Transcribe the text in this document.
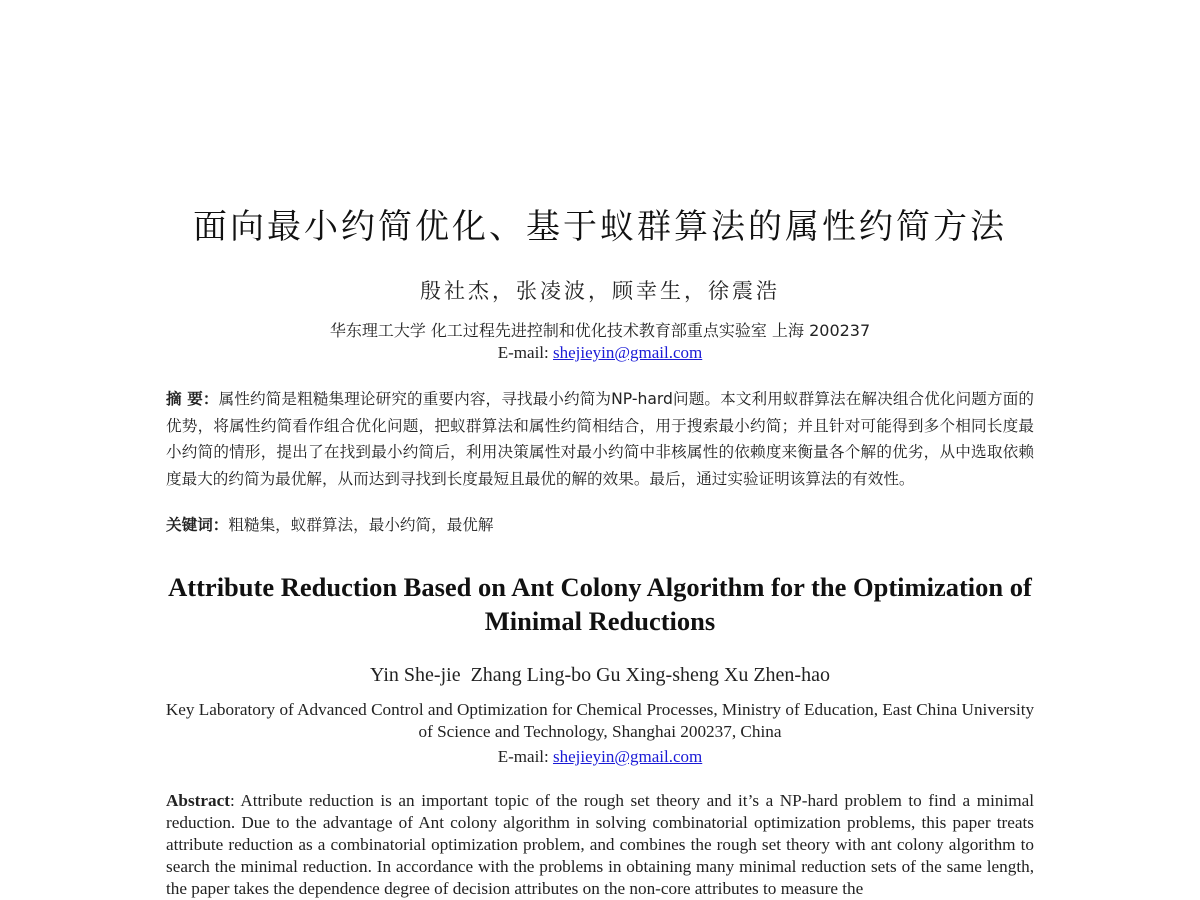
面向最小约简优化、基于蚁群算法的属性约简方法
殷社杰，张凌波，顾幸生，徐震浩
华东理工大学 化工过程先进控制和优化技术教育部重点实验室 上海 200237
E-mail: shejieyin@gmail.com
摘 要：属性约简是粗糙集理论研究的重要内容，寻找最小约简为NP-hard问题。本文利用蚁群算法在解决组合优化问题方面的优势，将属性约简看作组合优化问题，把蚁群算法和属性约简相结合，用于搜索最小约简；并且针对可能得到多个相同长度最小约简的情形，提出了在找到最小约简后，利用决策属性对最小约简中非核属性的依赖度来衡量各个解的优劣，从中选取依赖度最大的约简为最优解，从而达到寻找到长度最短且最优的解的效果。最后，通过实验证明该算法的有效性。
关键词：粗糙集，蚁群算法，最小约简，最优解
Attribute Reduction Based on Ant Colony Algorithm for the Optimization of Minimal Reductions
Yin She-jie  Zhang Ling-bo Gu Xing-sheng Xu Zhen-hao
Key Laboratory of Advanced Control and Optimization for Chemical Processes, Ministry of Education, East China University of Science and Technology, Shanghai 200237, China
E-mail: shejieyin@gmail.com
Abstract: Attribute reduction is an important topic of the rough set theory and it’s a NP-hard problem to find a minimal reduction. Due to the advantage of Ant colony algorithm in solving combinatorial optimization problems, this paper treats attribute reduction as a combinatorial optimization problem, and combines the rough set theory with ant colony algorithm to search the minimal reduction. In accordance with the problems in obtaining many minimal reduction sets of the same length, the paper takes the dependence degree of decision attributes on the non-core attributes to measure the
